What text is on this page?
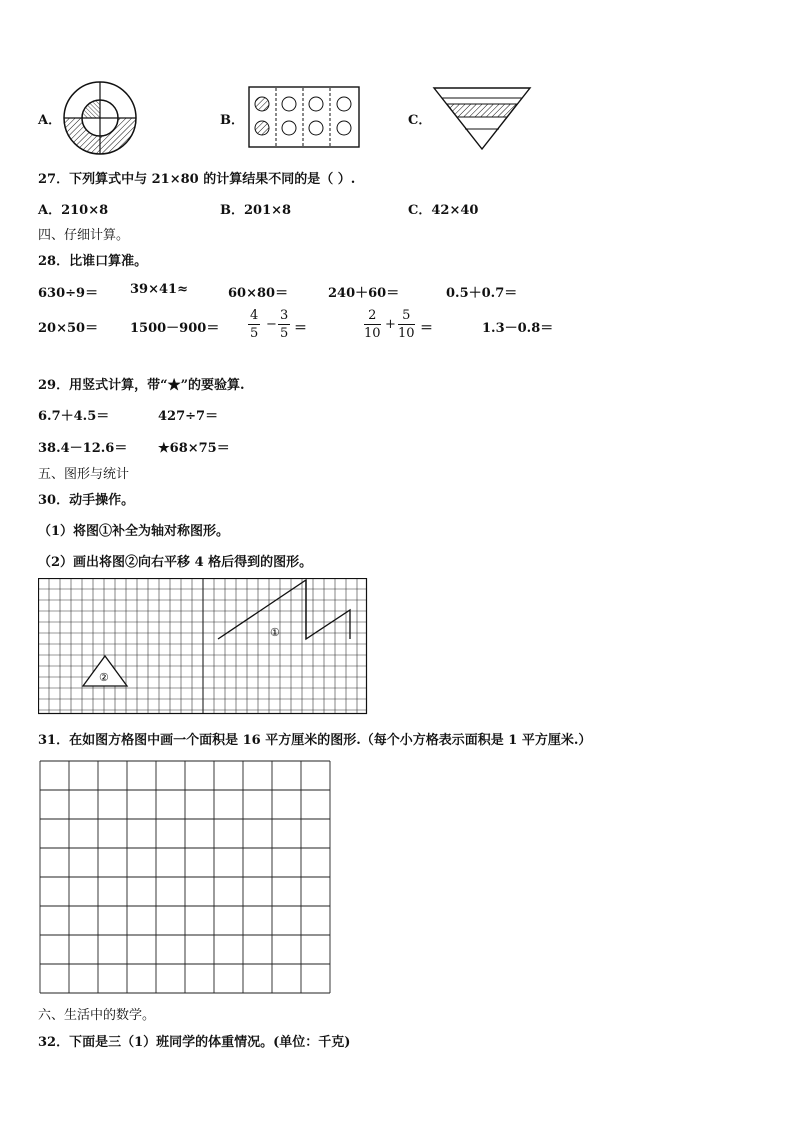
A．	B．	C．
27．下列算式中与 21×80 的计算结果不同的是（ ）.
A．210×8	B．201×8	C．42×40
四、仔细计算。
28．比谁口算准。
630÷9＝ 39×41≈	60×80＝	240＋60＝	0.5＋0.7＝
$20\times 50= 1500-900= \frac{4}{5} - \frac{3}{5}$ ＝	$\frac{2}{10} + \frac{5}{10}$ ＝	1.3－0.8＝
29．用竖式计算，带“★”的要验算.
6.7＋4.5＝	427÷7＝
38.4－12.6＝ ★68×75＝
五、图形与统计
30．动手操作。
（1）将图①补全为轴对称图形。
（2）画出将图②向右平移 4 格后得到的图形。
①
②
31．在如图方格图中画一个面积是 16 平方厘米的图形.（每个小方格表示面积是 1 平方厘米.）
六、生活中的数学。
32．下面是三（1）班同学的体重情况。(单位：千克)
